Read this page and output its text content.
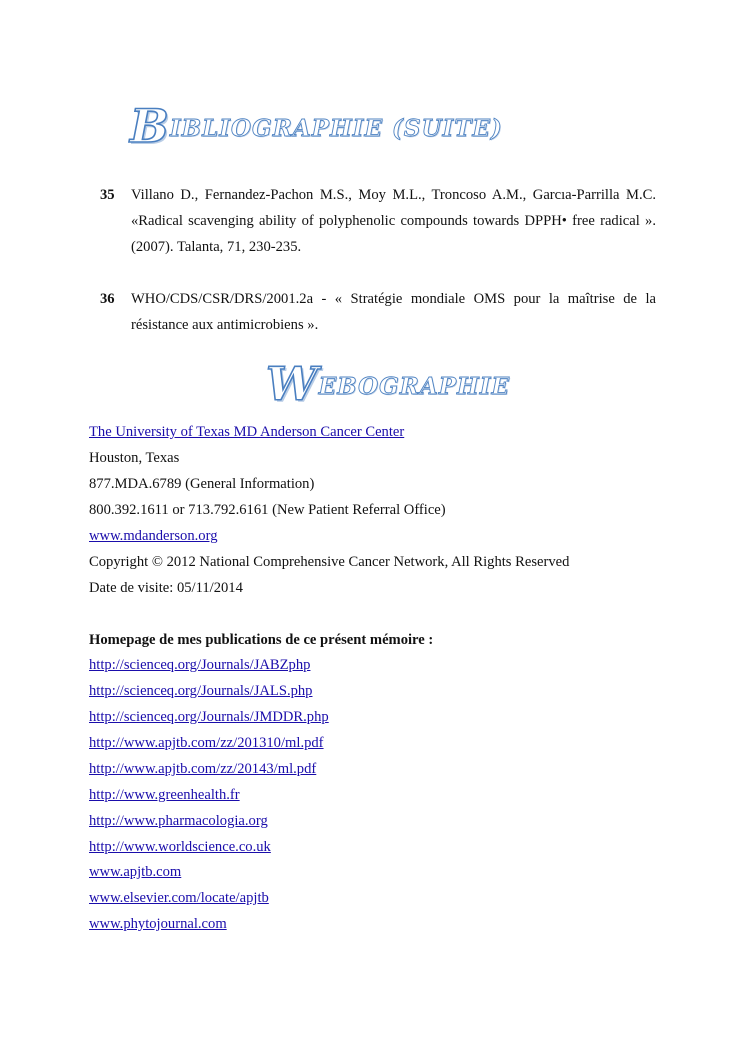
BIBLIOGRAPHIE (SUITE)
35 Villano D., Fernandez-Pachon M.S., Moy M.L., Troncoso A.M., Garcıa-Parrilla M.C. «Radical scavenging ability of polyphenolic compounds towards DPPH• free radical ». (2007). Talanta, 71, 230-235.
36 WHO/CDS/CSR/DRS/2001.2a - « Stratégie mondiale OMS pour la maîtrise de la résistance aux antimicrobiens ».
WEBOGRAPHIE
The University of Texas MD Anderson Cancer Center
Houston, Texas
877.MDA.6789 (General Information)
800.392.1611 or 713.792.6161 (New Patient Referral Office)
www.mdanderson.org
Copyright © 2012 National Comprehensive Cancer Network, All Rights Reserved
Date de visite: 05/11/2014
Homepage de mes publications de ce présent mémoire :
http://scienceq.org/Journals/JABZphp
http://scienceq.org/Journals/JALS.php
http://scienceq.org/Journals/JMDDR.php
http://www.apjtb.com/zz/201310/ml.pdf
http://www.apjtb.com/zz/20143/ml.pdf
http://www.greenhealth.fr
http://www.pharmacologia.org
http://www.worldscience.co.uk
www.apjtb.com
www.elsevier.com/locate/apjtb
www.phytojournal.com
